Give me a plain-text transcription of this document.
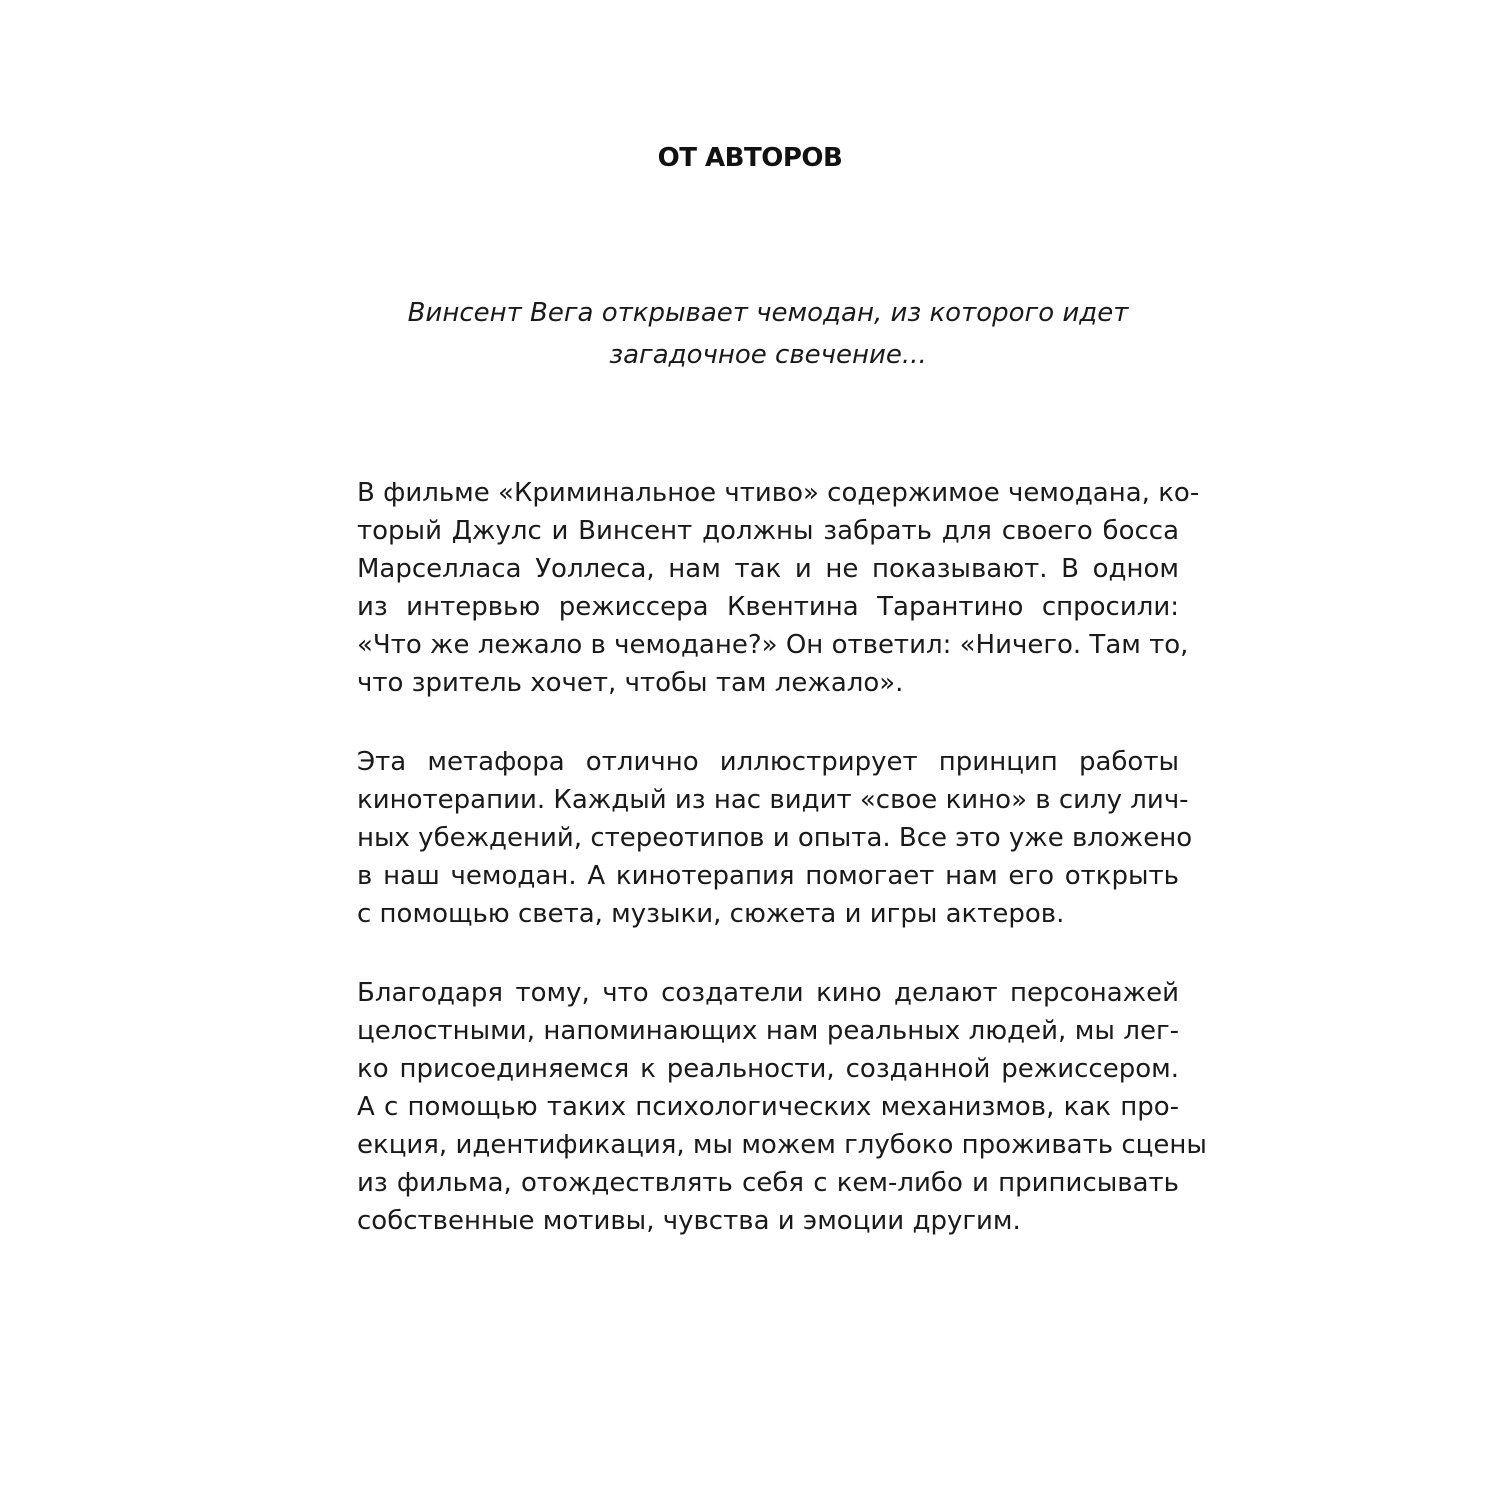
ОТ АВТОРОВ
Винсент Вега открывает чемодан, из которого идет
загадочное свечение...
В фильме «Криминальное чтиво» содержимое чемодана, ко-
торый Джулс и Винсент должны забрать для своего босса
Марселласа Уоллеса, нам так и не показывают. В одном
из интервью режиссера Квентина Тарантино спросили:
«Что же лежало в чемодане?» Он ответил: «Ничего. Там то,
что зритель хочет, чтобы там лежало».
Эта метафора отлично иллюстрирует принцип работы
кинотерапии. Каждый из нас видит «свое кино» в силу лич-
ных убеждений, стереотипов и опыта. Все это уже вложено
в наш чемодан. А кинотерапия помогает нам его открыть
с помощью света, музыки, сюжета и игры актеров.
Благодаря тому, что создатели кино делают персонажей
целостными, напоминающих нам реальных людей, мы лег-
ко присоединяемся к реальности, созданной режиссером.
А с помощью таких психологических механизмов, как про-
екция, идентификация, мы можем глубоко проживать сцены
из фильма, отождествлять себя с кем-либо и приписывать
собственные мотивы, чувства и эмоции другим.
